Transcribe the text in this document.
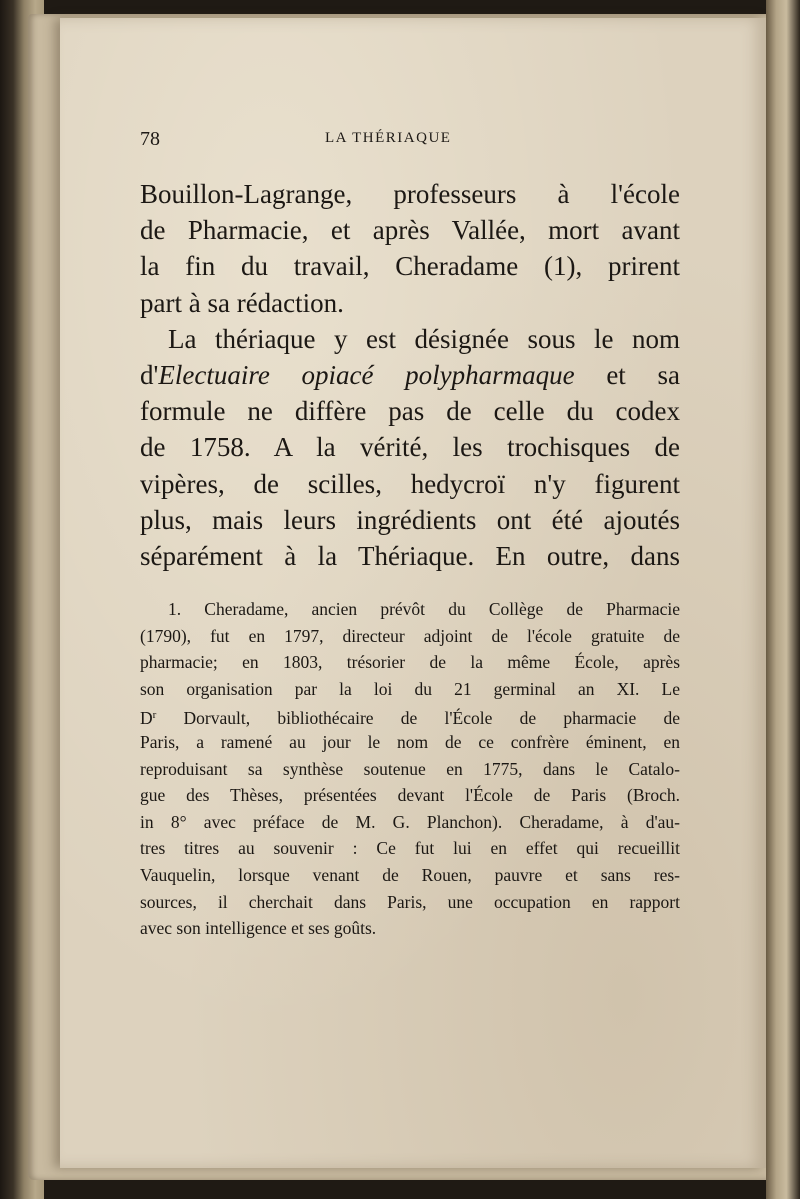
78	LA THÉRIAQUE
Bouillon-Lagrange, professeurs à l'école
de Pharmacie, et après Vallée, mort avant
la fin du travail, Cheradame (1), prirent
part à sa rédaction.
La thériaque y est désignée sous le nom
d'Electuaire opiacé polypharmaque et sa
formule ne diffère pas de celle du codex
de 1758. A la vérité, les trochisques de
vipères, de scilles, hedycroï n'y figurent
plus, mais leurs ingrédients ont été ajoutés
séparément à la Thériaque. En outre, dans
1. Cheradame, ancien prévôt du Collège de Pharmacie
(1790), fut en 1797, directeur adjoint de l'école gratuite de
pharmacie; en 1803, trésorier de la même École, après
son organisation par la loi du 21 germinal an XI. Le
$D^r$ Dorvault, bibliothécaire de l'École de pharmacie de
Paris, a ramené au jour le nom de ce confrère éminent, en
reproduisant sa synthèse soutenue en 1775, dans le Catalo-
gue des Thèses, présentées devant l'École de Paris (Broch.
in 8° avec préface de M. G. Planchon). Cheradame, à d'au-
tres titres au souvenir : Ce fut lui en effet qui recueillit
Vauquelin, lorsque venant de Rouen, pauvre et sans res-
sources, il cherchait dans Paris, une occupation en rapport
avec son intelligence et ses goûts.
